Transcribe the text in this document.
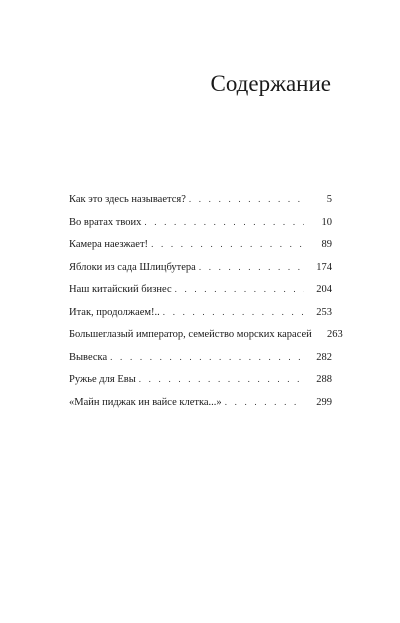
Содержание
Как это здесь называется? . . .	5
Во вратах твоих . . .	10
Камера наезжает! . . .	89
Яблоки из сада Шлицбутера . . .	174
Наш китайский бизнес . . .	204
Итак, продолжаем!.. . . .	253
Большеглазый император, семейство морских карасей	263
Вывеска . . .	282
Ружье для Евы . . .	288
«Майн пиджак ин вайсе клетка...» . . .	299
